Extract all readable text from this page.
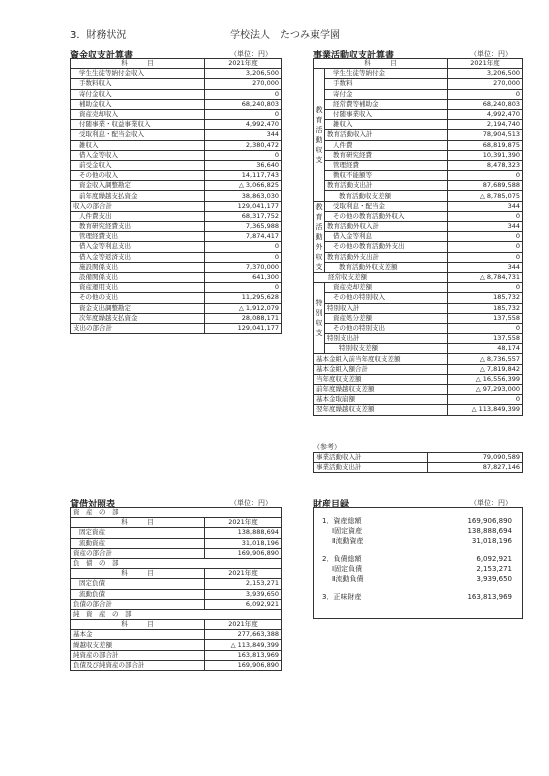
3．財務状況	学校法人　たつみ東学園
資金収支計算書	（単位：円）
科　　　目	2021年度
学生生徒等納付金収入	3,206,500
手数料収入	270,000
寄付金収入	0
補助金収入	68,240,803
資産売却収入	0
付随事業・収益事業収入	4,992,470
受取利息・配当金収入	344
雑収入	2,380,472
借入金等収入	0
前受金収入	36,640
その他の収入	14,117,743
資金収入調整勘定	△ 3,066,825
前年度繰越支払資金	38,863,030
収入の部合計	129,041,177
人件費支出	68,317,752
教育研究経費支出	7,365,988
管理経費支出	7,874,417
借入金等利息支出	0
借入金等返済支出	0
施設関係支出	7,370,000
設備関係支出	641,300
資産運用支出	0
その他の支出	11,295,628
資金支出調整勘定	△ 1,912,079
次年度繰越支払資金	28,088,171
支出の部合計	129,041,177
事業活動収支計算書	（単位：円）
科　　　目		2021年度
教育活動収支	学生生徒等納付金	3,206,500
	手数料	270,000
	寄付金	0
	経常費等補助金	68,240,803
	付随事業収入	4,992,470
	雑収入	2,194,740
	教育活動収入計	78,904,513
	人件費	68,819,875
	教育研究経費	10,391,390
	管理経費	8,478,323
	徴収不能額等	0
	教育活動支出計	87,689,588
	教育活動収支差額	△ 8,785,075
教育活動外収支	受取利息・配当金	344
	その他の教育活動外収入	0
	教育活動外収入計	344
	借入金等利息	0
	その他の教育活動外支出	0
	教育活動外支出計	0
	教育活動外収支差額	344
経常収支差額		△ 8,784,731
特別収支	資産売却差額	0
	その他の特別収入	185,732
	特別収入計	185,732
	資産処分差額	137,558
	その他の特別支出	0
	特別支出計	137,558
	特別収支差額	48,174
基本金組入前当年度収支差額		△ 8,736,557
基本金組入額合計		△ 7,819,842
当年度収支差額		△ 16,556,399
前年度繰越収支差額		△ 97,293,000
基本金取崩額		0
翌年度繰越収支差額		△ 113,849,399
（参考）
事業活動収入計	79,090,589
事業活動支出計	87,827,146
貸借対照表	（単位：円）
資　産　の　部	
科　　　目	2021年度
固定資産	138,888,694
流動資産	31,018,196
資産の部合計	169,906,890
負　債　の　部	
科　　　目	2021年度
固定負債	2,153,271
流動負債	3,939,650
負債の部合計	6,092,921
純　資　産　の　部	
科　　　目	2021年度
基本金	277,663,388
繰越収支差額	△ 113,849,399
純資産の部合計	163,813,969
負債及び純資産の部合計	169,906,890
財産目録	（単位：円）
1．資産総額	169,906,890
Ⅰ固定資産	138,888,694
Ⅱ流動資産	31,018,196
2．負債総額	6,092,921
Ⅰ固定負債	2,153,271
Ⅱ流動負債	3,939,650
3．正味財産	163,813,969
